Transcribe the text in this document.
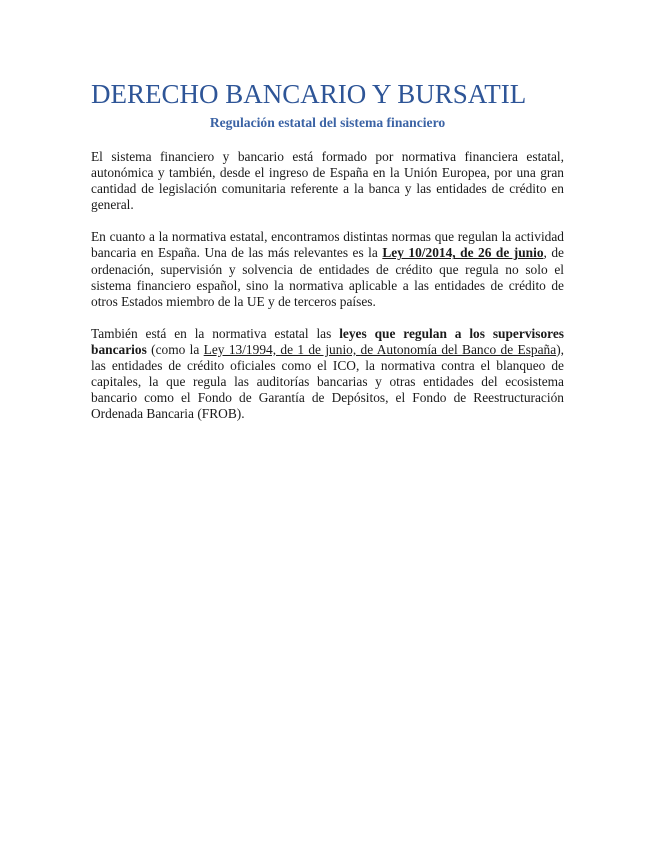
DERECHO BANCARIO Y BURSATIL
Regulación estatal del sistema financiero

El sistema financiero y bancario está formado por normativa financiera estatal, autonómica y también, desde el ingreso de España en la Unión Europea, por una gran cantidad de legislación comunitaria referente a la banca y las entidades de crédito en general.

En cuanto a la normativa estatal, encontramos distintas normas que regulan la actividad bancaria en España. Una de las más relevantes es la Ley 10/2014, de 26 de junio, de ordenación, supervisión y solvencia de entidades de crédito que regula no solo el sistema financiero español, sino la normativa aplicable a las entidades de crédito de otros Estados miembro de la UE y de terceros países.

También está en la normativa estatal las leyes que regulan a los supervisores bancarios (como la Ley 13/1994, de 1 de junio, de Autonomía del Banco de España), las entidades de crédito oficiales como el ICO, la normativa contra el blanqueo de capitales, la que regula las auditorías bancarias y otras entidades del ecosistema bancario como el Fondo de Garantía de Depósitos, el Fondo de Reestructuración Ordenada Bancaria (FROB).
